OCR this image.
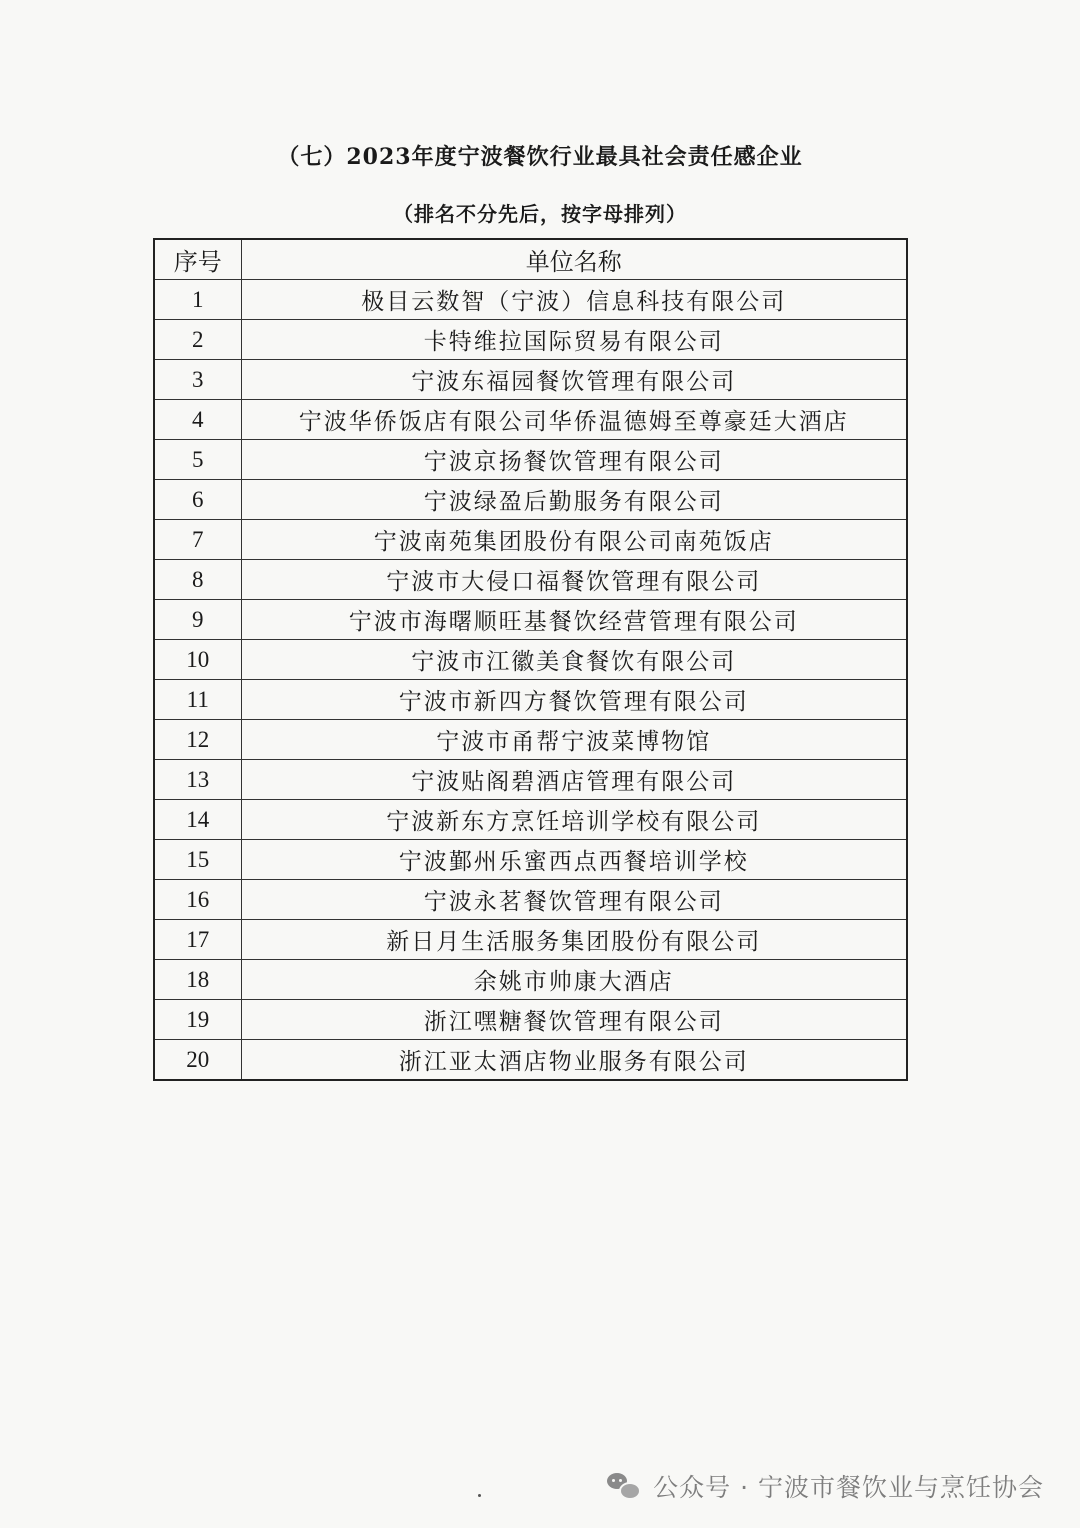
（七）2023年度宁波餐饮行业最具社会责任感企业
（排名不分先后，按字母排列）
序号	单位名称
1	极目云数智（宁波）信息科技有限公司
2	卡特维拉国际贸易有限公司
3	宁波东福园餐饮管理有限公司
4	宁波华侨饭店有限公司华侨温德姆至尊豪廷大酒店
5	宁波京扬餐饮管理有限公司
6	宁波绿盈后勤服务有限公司
7	宁波南苑集团股份有限公司南苑饭店
8	宁波市大侵口福餐饮管理有限公司
9	宁波市海曙顺旺基餐饮经营管理有限公司
10	宁波市江徽美食餐饮有限公司
11	宁波市新四方餐饮管理有限公司
12	宁波市甬帮宁波菜博物馆
13	宁波贴阁碧酒店管理有限公司
14	宁波新东方烹饪培训学校有限公司
15	宁波鄞州乐蜜西点西餐培训学校
16	宁波永茗餐饮管理有限公司
17	新日月生活服务集团股份有限公司
18	余姚市帅康大酒店
19	浙江嘿糖餐饮管理有限公司
20	浙江亚太酒店物业服务有限公司
公众号 · 宁波市餐饮业与烹饪协会
